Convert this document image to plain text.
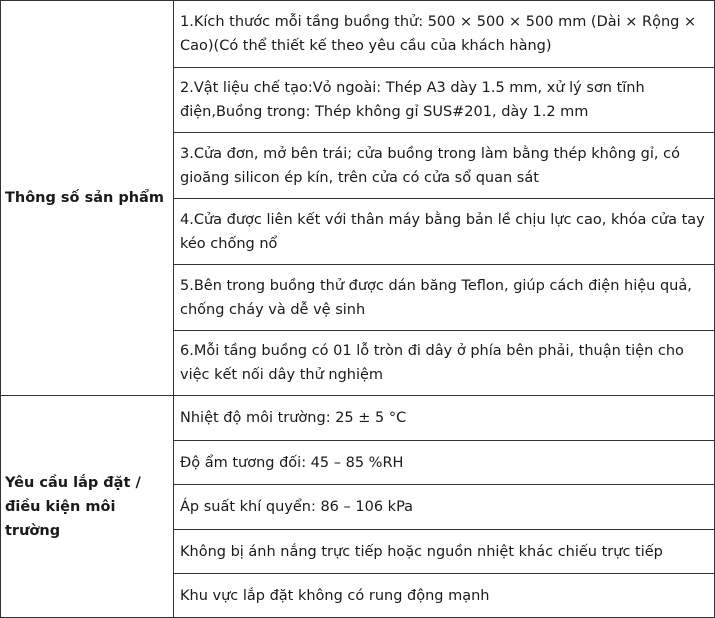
Thông số sản phẩm	1.Kích thước mỗi tầng buồng thử: 500 × 500 × 500 mm (Dài × Rộng × Cao)(Có thể thiết kế theo yêu cầu của khách hàng)
	2.Vật liệu chế tạo:Vỏ ngoài: Thép A3 dày 1.5 mm, xử lý sơn tĩnh điện,Buồng trong: Thép không gỉ SUS#201, dày 1.2 mm
	3.Cửa đơn, mở bên trái; cửa buồng trong làm bằng thép không gỉ, có gioăng silicon ép kín, trên cửa có cửa sổ quan sát
	4.Cửa được liên kết với thân máy bằng bản lề chịu lực cao, khóa cửa tay kéo chống nổ
	5.Bên trong buồng thử được dán băng Teflon, giúp cách điện hiệu quả, chống cháy và dễ vệ sinh
	6.Mỗi tầng buồng có 01 lỗ tròn đi dây ở phía bên phải, thuận tiện cho việc kết nối dây thử nghiệm
Yêu cầu lắp đặt / điều kiện môi trường	Nhiệt độ môi trường: 25 ± 5 °C
	Độ ẩm tương đối: 45 – 85 %RH
	Áp suất khí quyển: 86 – 106 kPa
	Không bị ánh nắng trực tiếp hoặc nguồn nhiệt khác chiếu trực tiếp
	Khu vực lắp đặt không có rung động mạnh
